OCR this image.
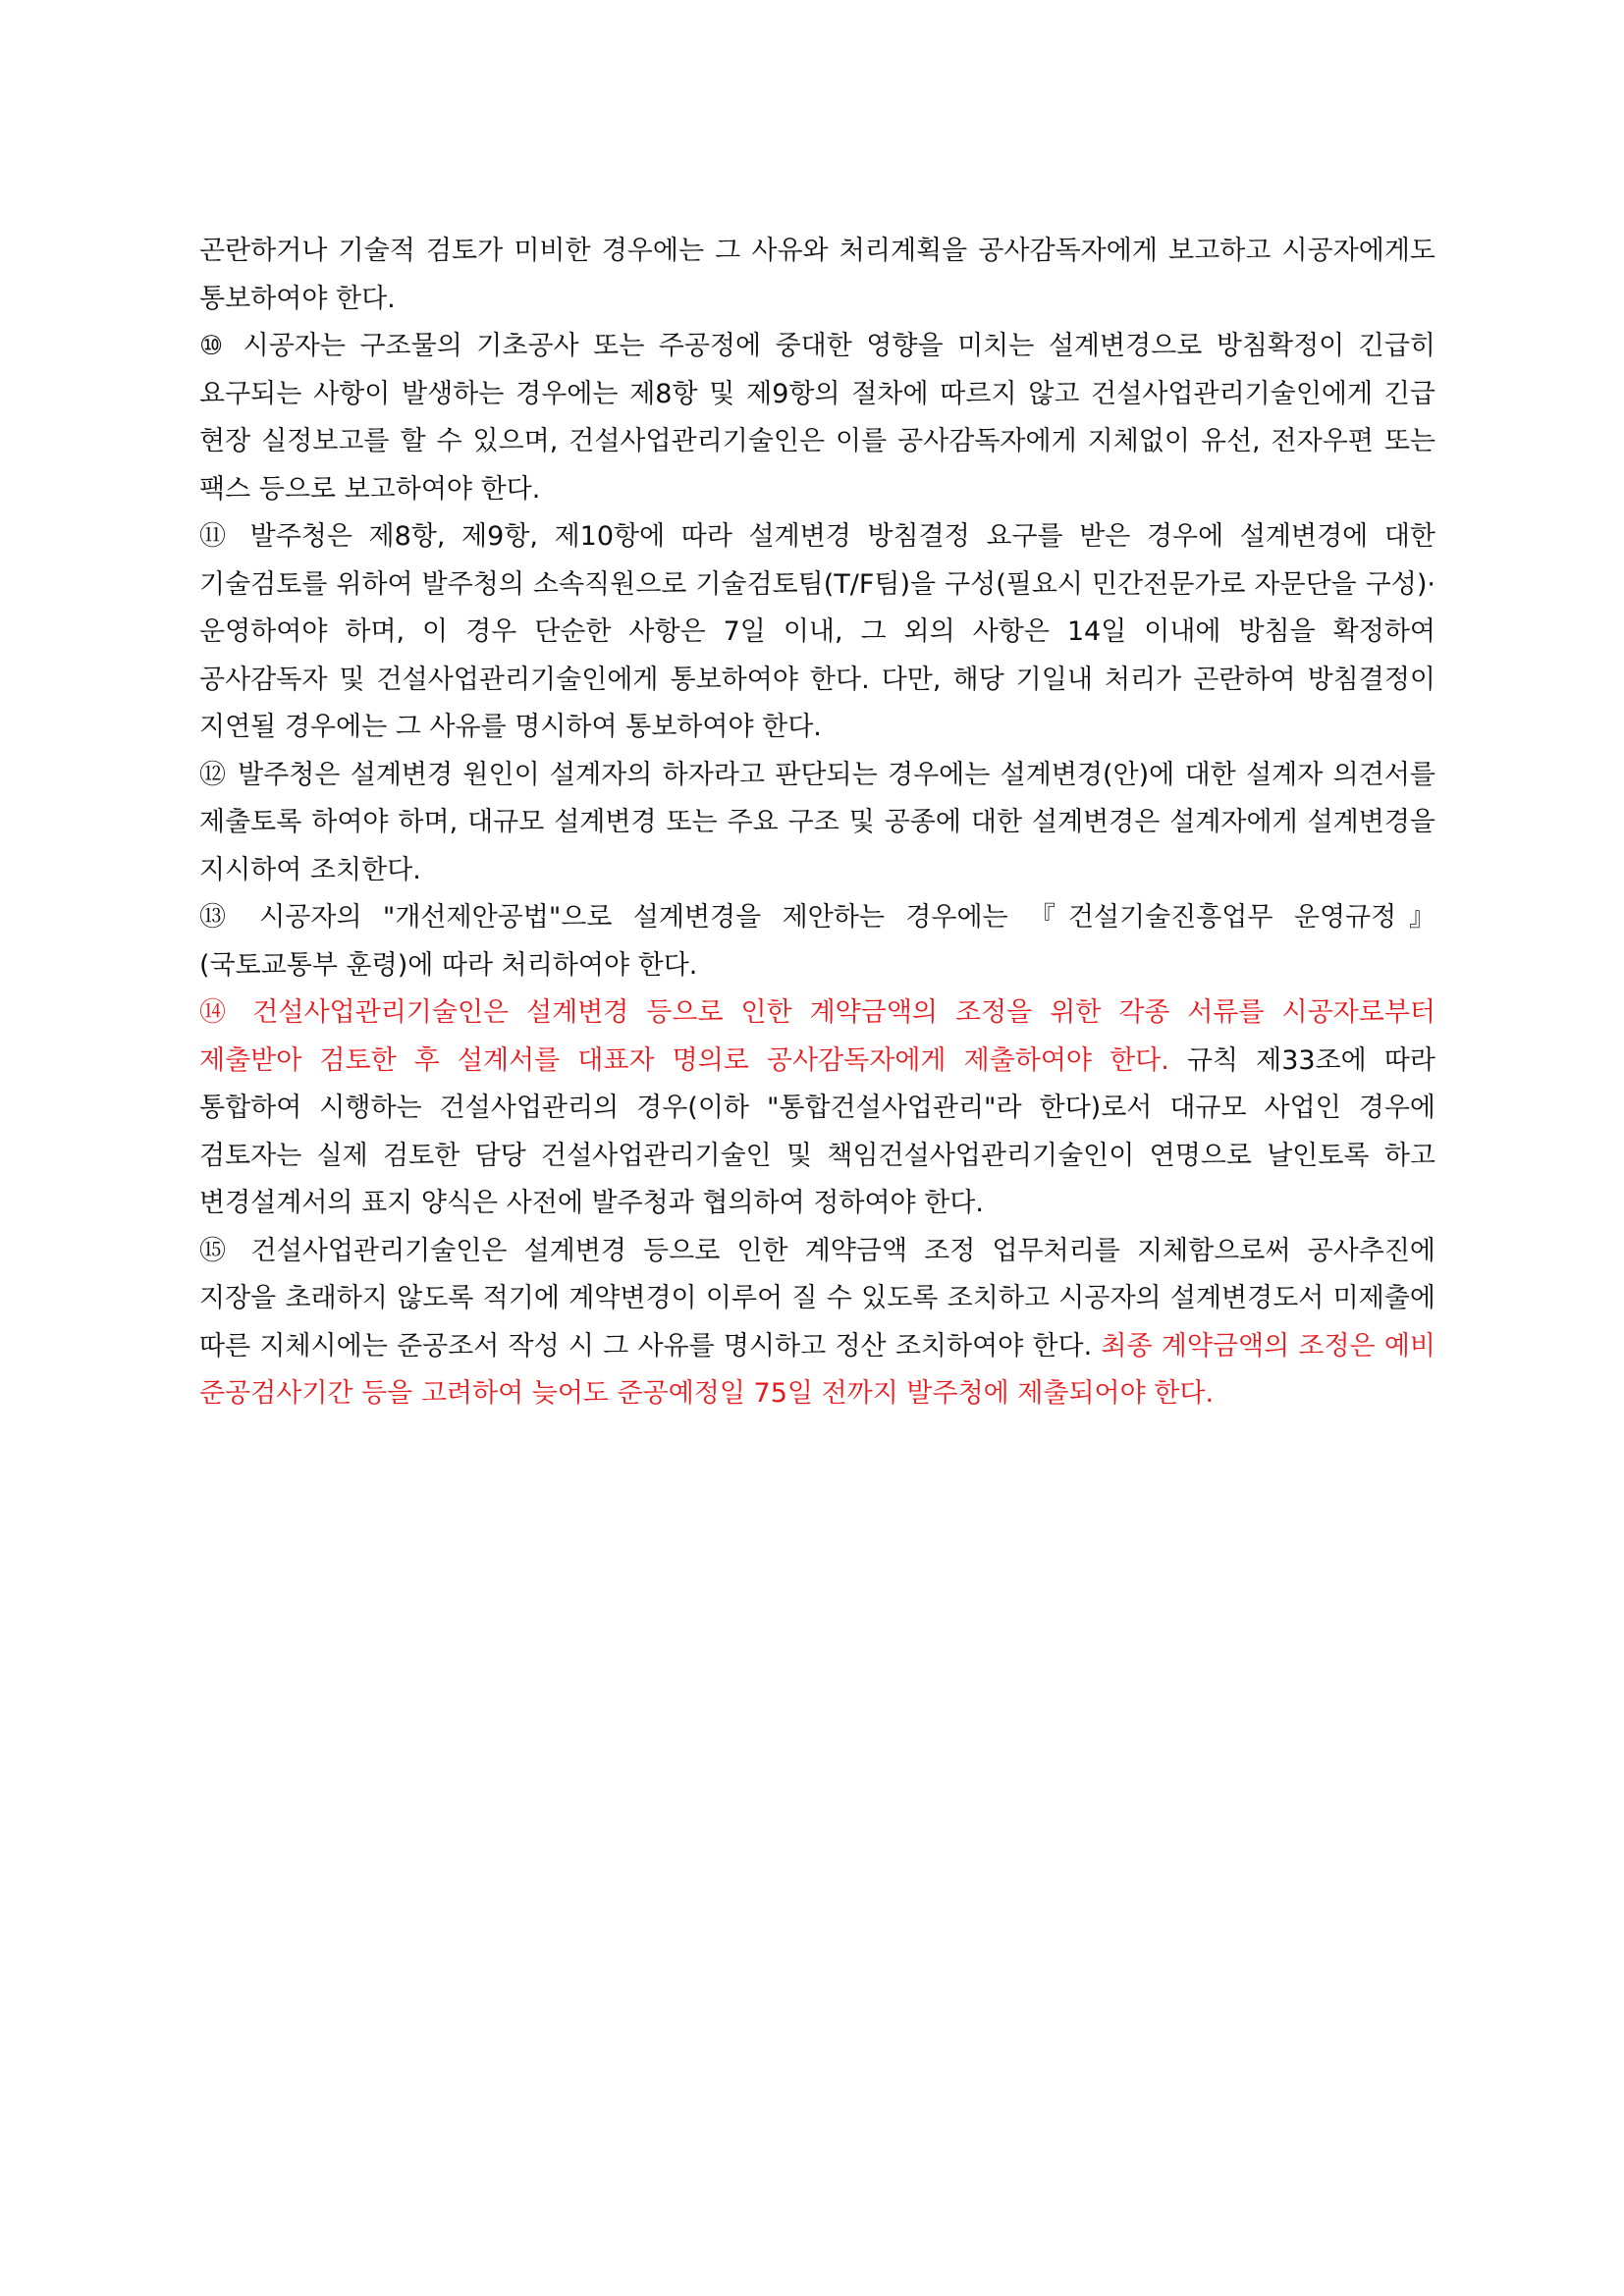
곤란하거나 기술적 검토가 미비한 경우에는 그 사유와 처리계획을 공사감독자에게 보고하고 시공자에게도 통보하여야 한다.

⑩ 시공자는 구조물의 기초공사 또는 주공정에 중대한 영향을 미치는 설계변경으로 방침확정이 긴급히 요구되는 사항이 발생하는 경우에는 제8항 및 제9항의 절차에 따르지 않고 건설사업관리기술인에게 긴급 현장 실정보고를 할 수 있으며, 건설사업관리기술인은 이를 공사감독자에게 지체없이 유선, 전자우편 또는 팩스 등으로 보고하여야 한다.

⑪ 발주청은 제8항, 제9항, 제10항에 따라 설계변경 방침결정 요구를 받은 경우에 설계변경에 대한 기술검토를 위하여 발주청의 소속직원으로 기술검토팀(T/F팀)을 구성(필요시 민간전문가로 자문단을 구성)·운영하여야 하며, 이 경우 단순한 사항은 7일 이내, 그 외의 사항은 14일 이내에 방침을 확정하여 공사감독자 및 건설사업관리기술인에게 통보하여야 한다. 다만, 해당 기일내 처리가 곤란하여 방침결정이 지연될 경우에는 그 사유를 명시하여 통보하여야 한다.

⑫ 발주청은 설계변경 원인이 설계자의 하자라고 판단되는 경우에는 설계변경(안)에 대한 설계자 의견서를 제출토록 하여야 하며, 대규모 설계변경 또는 주요 구조 및 공종에 대한 설계변경은 설계자에게 설계변경을 지시하여 조치한다.

⑬ 시공자의 "개선제안공법"으로 설계변경을 제안하는 경우에는 『건설기술진흥업무 운영규정』(국토교통부 훈령)에 따라 처리하여야 한다.

⑭ 건설사업관리기술인은 설계변경 등으로 인한 계약금액의 조정을 위한 각종 서류를 시공자로부터 제출받아 검토한 후 설계서를 대표자 명의로 공사감독자에게 제출하여야 한다. 규칙 제33조에 따라 통합하여 시행하는 건설사업관리의 경우(이하 "통합건설사업관리"라 한다)로서 대규모 사업인 경우에 검토자는 실제 검토한 담당 건설사업관리기술인 및 책임건설사업관리기술인이 연명으로 날인토록 하고 변경설계서의 표지 양식은 사전에 발주청과 협의하여 정하여야 한다.

⑮ 건설사업관리기술인은 설계변경 등으로 인한 계약금액 조정 업무처리를 지체함으로써 공사추진에 지장을 초래하지 않도록 적기에 계약변경이 이루어 질 수 있도록 조치하고 시공자의 설계변경도서 미제출에 따른 지체시에는 준공조서 작성 시 그 사유를 명시하고 정산 조치하여야 한다. 최종 계약금액의 조정은 예비 준공검사기간 등을 고려하여 늦어도 준공예정일 75일 전까지 발주청에 제출되어야 한다.
